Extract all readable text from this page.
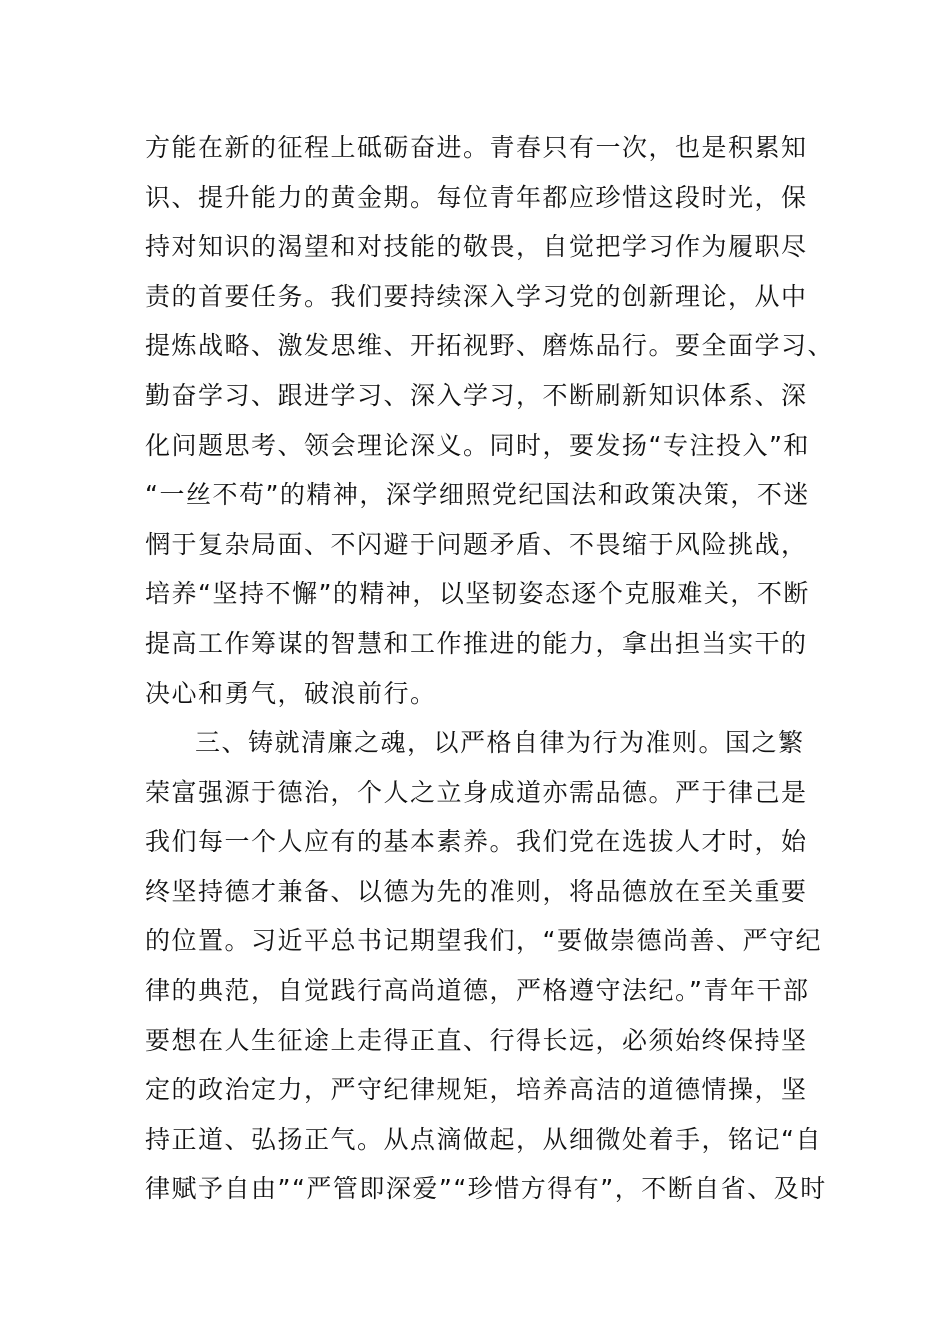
方能在新的征程上砥砺奋进。青春只有一次，也是积累知
识、提升能力的黄金期。每位青年都应珍惜这段时光，保
持对知识的渴望和对技能的敬畏，自觉把学习作为履职尽
责的首要任务。我们要持续深入学习党的创新理论，从中
提炼战略、激发思维、开拓视野、磨炼品行。要全面学习、
勤奋学习、跟进学习、深入学习，不断刷新知识体系、深
化问题思考、领会理论深义。同时，要发扬“专注投入”和
“一丝不苟”的精神，深学细照党纪国法和政策决策，不迷
惘于复杂局面、不闪避于问题矛盾、不畏缩于风险挑战，
培养“坚持不懈”的精神，以坚韧姿态逐个克服难关，不断
提高工作筹谋的智慧和工作推进的能力，拿出担当实干的
决心和勇气，破浪前行。
三、铸就清廉之魂，以严格自律为行为准则。国之繁
荣富强源于德治，个人之立身成道亦需品德。严于律己是
我们每一个人应有的基本素养。我们党在选拔人才时，始
终坚持德才兼备、以德为先的准则，将品德放在至关重要
的位置。习近平总书记期望我们，“要做崇德尚善、严守纪
律的典范，自觉践行高尚道德，严格遵守法纪。”青年干部
要想在人生征途上走得正直、行得长远，必须始终保持坚
定的政治定力，严守纪律规矩，培养高洁的道德情操，坚
持正道、弘扬正气。从点滴做起，从细微处着手，铭记“自
律赋予自由”“严管即深爱”“珍惜方得有”，不断自省、及时
